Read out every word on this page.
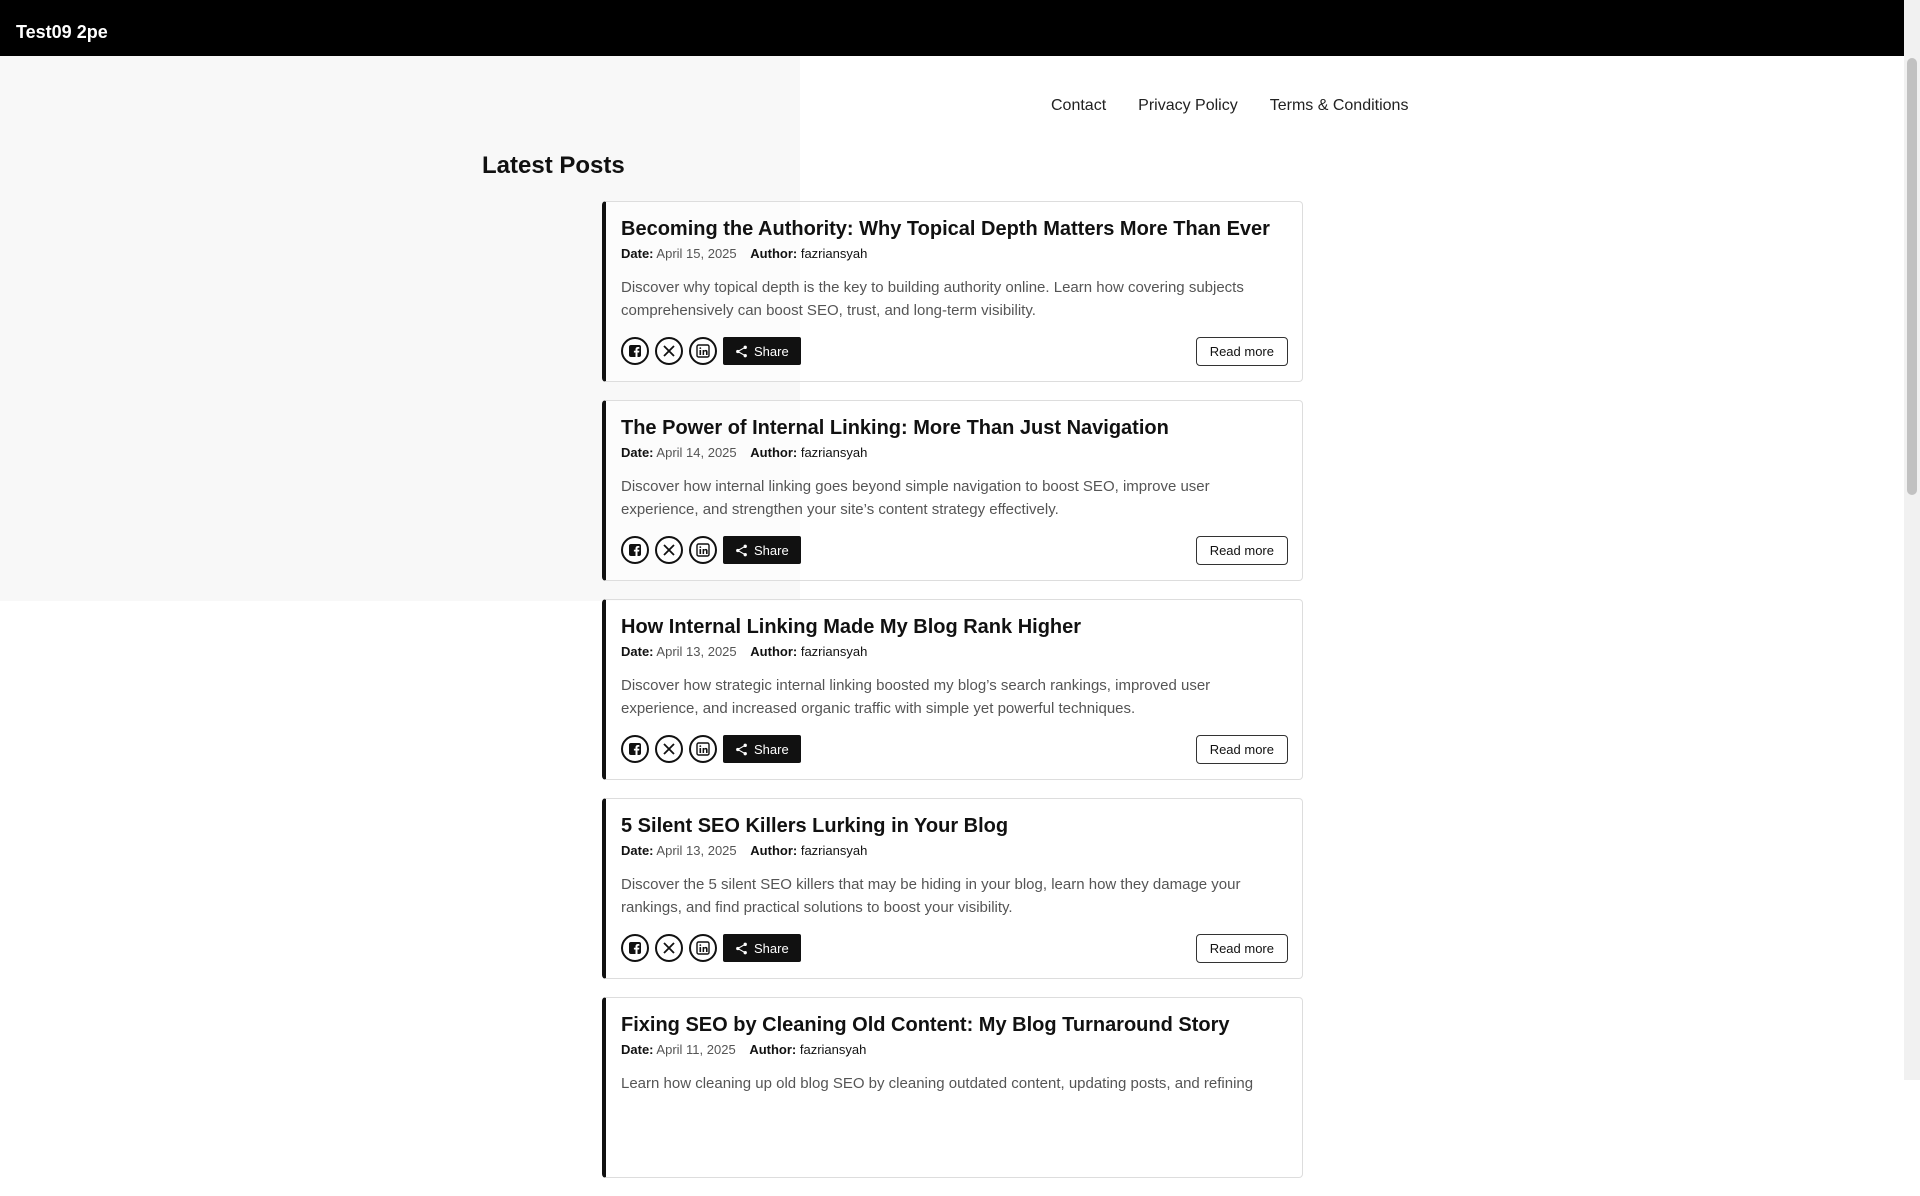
Test09 2pe
Contact Privacy Policy Terms & Conditions
Latest Posts
Becoming the Authority: Why Topical Depth Matters More Than Ever
Date: April 15, 2025 Author: fazriansyah

Discover why topical depth is the key to building authority online. Learn how covering subjects comprehensively can boost SEO, trust, and long-term visibility.

Share	Read more
The Power of Internal Linking: More Than Just Navigation
Date: April 14, 2025 Author: fazriansyah

Discover how internal linking goes beyond simple navigation to boost SEO, improve user experience, and strengthen your site’s content strategy effectively.

Share	Read more
How Internal Linking Made My Blog Rank Higher
Date: April 13, 2025 Author: fazriansyah

Discover how strategic internal linking boosted my blog’s search rankings, improved user experience, and increased organic traffic with simple yet powerful techniques.

Share	Read more
5 Silent SEO Killers Lurking in Your Blog
Date: April 13, 2025 Author: fazriansyah

Discover the 5 silent SEO killers that may be hiding in your blog, learn how they damage your rankings, and find practical solutions to boost your visibility.

Share	Read more
Fixing SEO by Cleaning Old Content: My Blog Turnaround Story
Date: April 11, 2025 Author: fazriansyah

Learn how cleaning up old blog SEO by cleaning outdated content, updating posts, and refining
